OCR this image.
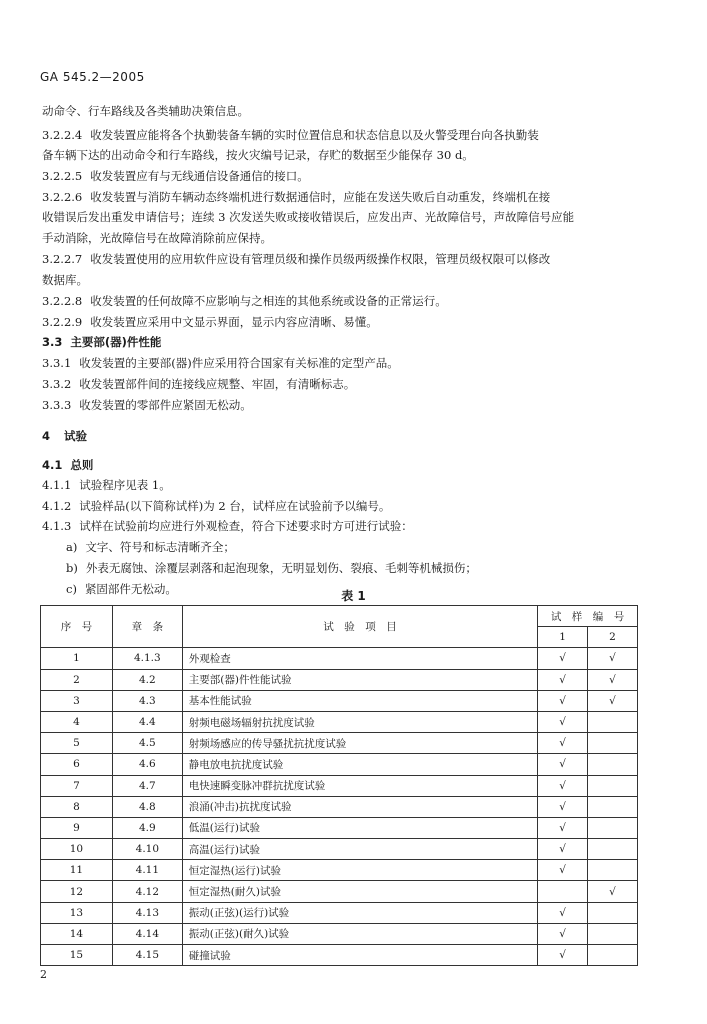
GA 545.2—2005
动命令、行车路线及各类辅助决策信息。
3.2.2.4 收发装置应能将各个执勤装备车辆的实时位置信息和状态信息以及火警受理台向各执勤装
备车辆下达的出动命令和行车路线，按火灾编号记录，存贮的数据至少能保存 30 d。
3.2.2.5 收发装置应有与无线通信设备通信的接口。
3.2.2.6 收发装置与消防车辆动态终端机进行数据通信时，应能在发送失败后自动重发，终端机在接
收错误后发出重发申请信号；连续 3 次发送失败或接收错误后，应发出声、光故障信号，声故障信号应能
手动消除，光故障信号在故障消除前应保持。
3.2.2.7 收发装置使用的应用软件应设有管理员级和操作员级两级操作权限，管理员级权限可以修改
数据库。
3.2.2.8 收发装置的任何故障不应影响与之相连的其他系统或设备的正常运行。
3.2.2.9 收发装置应采用中文显示界面，显示内容应清晰、易懂。
3.3 主要部(器)件性能
3.3.1 收发装置的主要部(器)件应采用符合国家有关标准的定型产品。
3.3.2 收发装置部件间的连接线应规整、牢固，有清晰标志。
3.3.3 收发装置的零部件应紧固无松动。
4 试验
4.1 总则
4.1.1 试验程序见表 1。
4.1.2 试验样品(以下简称试样)为 2 台，试样应在试验前予以编号。
4.1.3 试样在试验前均应进行外观检查，符合下述要求时方可进行试验：
a) 文字、符号和标志清晰齐全；
b) 外表无腐蚀、涂覆层剥落和起泡现象，无明显划伤、裂痕、毛刺等机械损伤；
c) 紧固部件无松动。	表 1
序　号	章　条	试　验　项　目	试　样　编　号	
			1	2
1	4.1.3	外观检查	√	√
2	4.2	主要部(器)件性能试验	√	√
3	4.3	基本性能试验	√	√
4	4.4	射频电磁场辐射抗扰度试验	√	
5	4.5	射频场感应的传导骚扰抗扰度试验	√	
6	4.6	静电放电抗扰度试验	√	
7	4.7	电快速瞬变脉冲群抗扰度试验	√	
8	4.8	浪涌(冲击)抗扰度试验	√	
9	4.9	低温(运行)试验	√	
10	4.10	高温(运行)试验	√	
11	4.11	恒定湿热(运行)试验	√	
12	4.12	恒定湿热(耐久)试验		√
13	4.13	振动(正弦)(运行)试验	√	
14	4.14	振动(正弦)(耐久)试验	√	
15	4.15	碰撞试验	√	
2
